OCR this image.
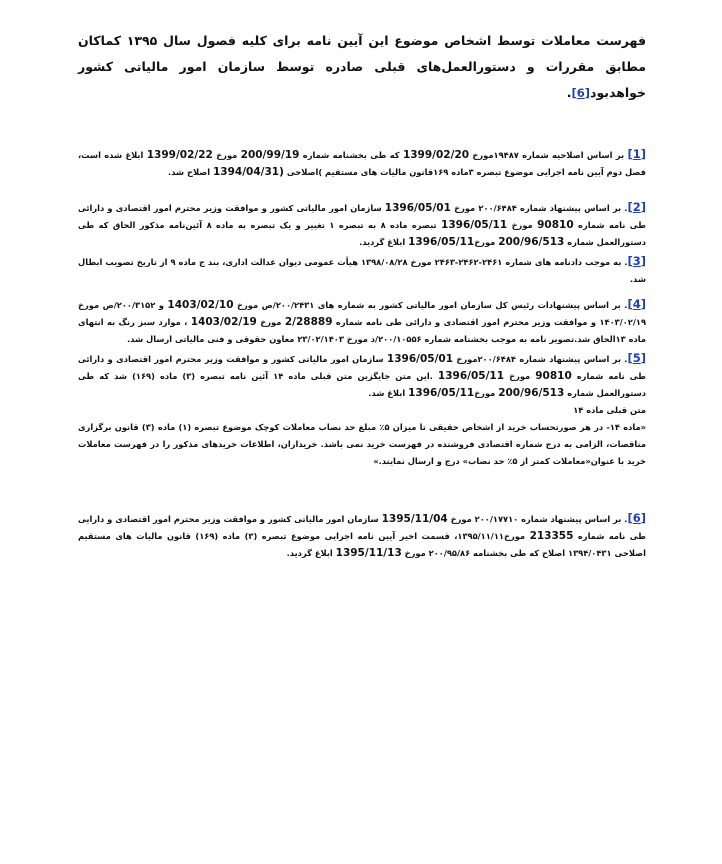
فهرست معاملات توسط اشخاص موضوع این آیین نامه برای کلیه فصول سال ۱۳۹۵ کماکان مطابق مقررات و دستورالعمل‌های قبلی صادره توسط سازمان امور مالیاتی کشور خواهدبود[6].

[1] بر اساس اصلاحیه شماره ۱۹۴۸۷مورخ 1399/02/20 که طی بخشنامه شماره 200/99/19 مورخ 1399/02/22 ابلاغ شده است، فصل دوم آیین نامه اجرایی موضوع تبصره ۳ماده ۱۶۹قانون مالیات های مستقیم )اصلاحی (1394/04/31 اصلاح شد.

[2]. بر اساس پیشنهاد شماره ۲۰۰/۶۴۸۴ مورخ 1396/05/01 سازمان امور مالیاتی کشور و موافقت وزیر محترم امور اقتصادی و دارائی طی نامه شماره 90810 مورخ 1396/05/11 تبصره ماده ۸ به تبصره ۱ تغییر و یک تبصره به ماده ۸ آئین‌نامه مذکور الحاق که طی دستورالعمل شماره 200/96/513 مورخ1396/05/11 ابلاغ گردید.

[3]. به موجب دادنامه های شماره ۲۴۶۱-۲۴۶۲-۲۴۶۳ مورخ ۱۳۹۸/۰۸/۲۸ هیأت عمومی دیوان عدالت اداری، بند ج ماده ۹ از تاریخ تصویب ابطال شد.

[4]. بر اساس پیشنهادات رئیس کل سازمان امور مالیاتی کشور به شماره های ۲۰۰/۲۴۳۱/ص مورخ 1403/02/10 و ۲۰۰/۳۱۵۲/ص مورخ ۱۴۰۳/۰۲/۱۹ و موافقت وزیر محترم امور اقتصادی و دارائی طی نامه شماره 2/28889 مورخ 1403/02/19 ، موارد سبز رنگ به انتهای ماده ۱۳الحاق شد.تصویر نامه به موجب بخشنامه شماره ۲۰۰/۱۰۵۵۶/د مورخ ۲۳/۰۲/۱۴۰۳ معاون حقوقی و فنی مالیاتی ارسال شد.

[5]. بر اساس پیشنهاد شماره ۲۰۰/۶۴۸۴مورخ 1396/05/01 سازمان امور مالیاتی کشور و موافقت وزیر محترم امور اقتصادی و دارائی طی نامه شماره 90810 مورخ 1396/05/11 .این متن جایگزین متن قبلی ماده ۱۴ آئین نامه تبصره (۳) ماده (۱۶۹) شد که طی دستورالعمل شماره 200/96/513 مورخ1396/05/11 ابلاغ شد.

متن قبلی ماده ۱۴

«ماده ۱۴- در هر صورتحساب خرید از اشخاص حقیقی تا میزان ۵٪ مبلغ حد نصاب معاملات کوچک موضوع تبصره (۱) ماده (۳) قانون برگزاری مناقصات، الزامی به درج شماره اقتصادی فروشنده در فهرست خرید نمی باشد. خریداران، اطلاعات خریدهای مذکور را در فهرست معاملات خرید با عنوان«معاملات کمتر از ۵٪ حد نصاب» درج و ارسال نمایند.»

[6]. بر اساس پیشنهاد شماره ۲۰۰/۱۷۷۱۰ مورخ 1395/11/04 سازمان امور مالیاتی کشور و موافقت وزیر محترم امور اقتصادی و دارایی طی نامه شماره 213355 مورخ۱۳۹۵/۱۱/۱۱، قسمت اخیر آیین نامه اجرایی موضوع تبصره (۳) ماده (۱۶۹) قانون مالیات های مستقیم اصلاحی ۱۳۹۴/۰۴۳۱ اصلاح که طی بخشنامه ۲۰۰/۹۵/۸۶ مورخ 1395/11/13 ابلاغ گردید.
